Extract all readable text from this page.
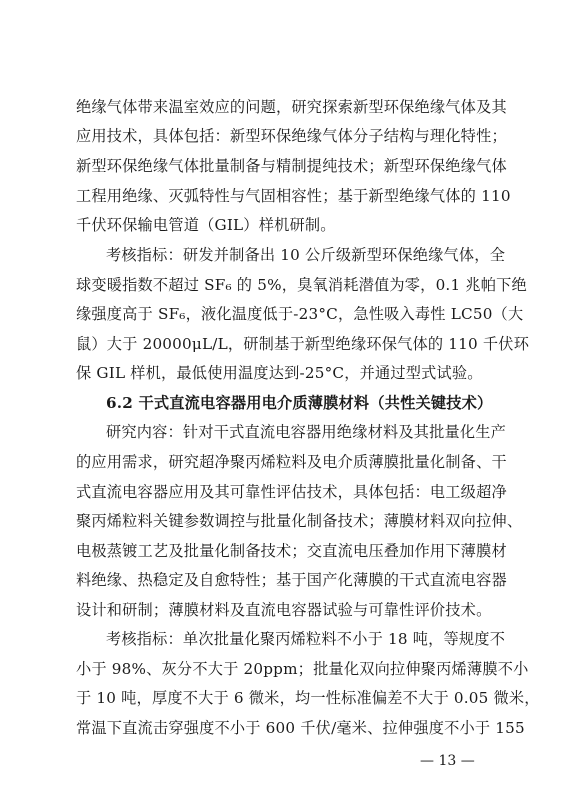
绝缘气体带来温室效应的问题，研究探索新型环保绝缘气体及其
应用技术，具体包括：新型环保绝缘气体分子结构与理化特性；
新型环保绝缘气体批量制备与精制提纯技术；新型环保绝缘气体
工程用绝缘、灭弧特性与气固相容性；基于新型绝缘气体的 110
千伏环保输电管道（GIL）样机研制。
考核指标：研发并制备出 10 公斤级新型环保绝缘气体，全
球变暖指数不超过 SF₆ 的 5%，臭氧消耗潜值为零，0.1 兆帕下绝
缘强度高于 SF₆，液化温度低于-23°C，急性吸入毒性 LC50（大
鼠）大于 20000μL/L，研制基于新型绝缘环保气体的 110 千伏环
保 GIL 样机，最低使用温度达到-25°C，并通过型式试验。
6.2 干式直流电容器用电介质薄膜材料（共性关键技术）
研究内容：针对干式直流电容器用绝缘材料及其批量化生产
的应用需求，研究超净聚丙烯粒料及电介质薄膜批量化制备、干
式直流电容器应用及其可靠性评估技术，具体包括：电工级超净
聚丙烯粒料关键参数调控与批量化制备技术；薄膜材料双向拉伸、
电极蒸镀工艺及批量化制备技术；交直流电压叠加作用下薄膜材
料绝缘、热稳定及自愈特性；基于国产化薄膜的干式直流电容器
设计和研制；薄膜材料及直流电容器试验与可靠性评价技术。
考核指标：单次批量化聚丙烯粒料不小于 18 吨，等规度不
小于 98%、灰分不大于 20ppm；批量化双向拉伸聚丙烯薄膜不小
于 10 吨，厚度不大于 6 微米，均一性标准偏差不大于 0.05 微米，
常温下直流击穿强度不小于 600 千伏/毫米、拉伸强度不小于 155
— 13 —
